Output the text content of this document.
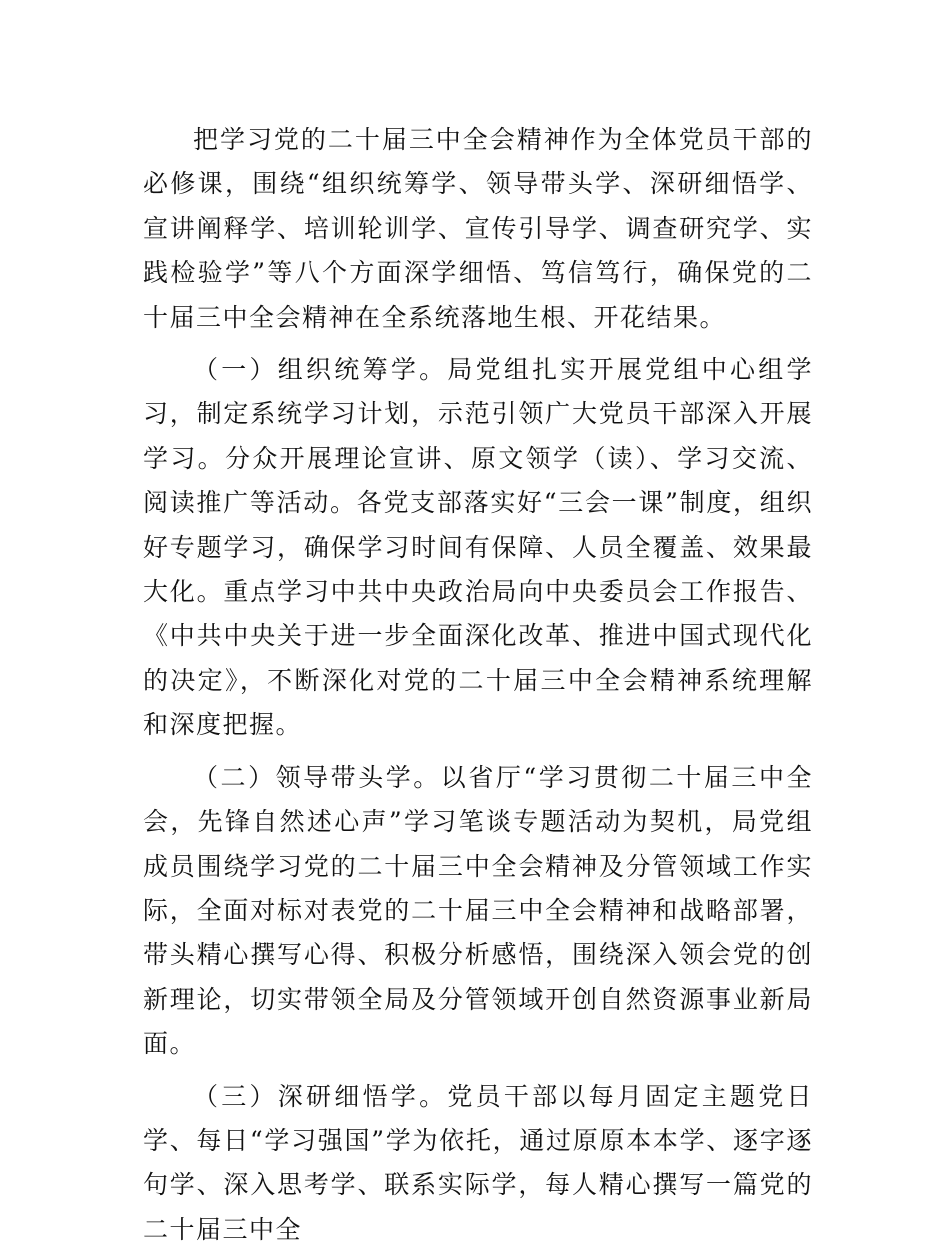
把学习党的二十届三中全会精神作为全体党员干部的必修课，围绕“组织统筹学、领导带头学、深研细悟学、宣讲阐释学、培训轮训学、宣传引导学、调查研究学、实践检验学”等八个方面深学细悟、笃信笃行，确保党的二十届三中全会精神在全系统落地生根、开花结果。

（一）组织统筹学。局党组扎实开展党组中心组学习，制定系统学习计划，示范引领广大党员干部深入开展学习。分众开展理论宣讲、原文领学（读）、学习交流、阅读推广等活动。各党支部落实好“三会一课”制度，组织好专题学习，确保学习时间有保障、人员全覆盖、效果最大化。重点学习中共中央政治局向中央委员会工作报告、《中共中央关于进一步全面深化改革、推进中国式现代化的决定》，不断深化对党的二十届三中全会精神系统理解和深度把握。

（二）领导带头学。以省厅“学习贯彻二十届三中全会，先锋自然述心声”学习笔谈专题活动为契机，局党组成员围绕学习党的二十届三中全会精神及分管领域工作实际，全面对标对表党的二十届三中全会精神和战略部署，带头精心撰写心得、积极分析感悟，围绕深入领会党的创新理论，切实带领全局及分管领域开创自然资源事业新局面。

（三）深研细悟学。党员干部以每月固定主题党日学、每日“学习强国”学为依托，通过原原本本学、逐字逐句学、深入思考学、联系实际学，每人精心撰写一篇党的二十届三中全
